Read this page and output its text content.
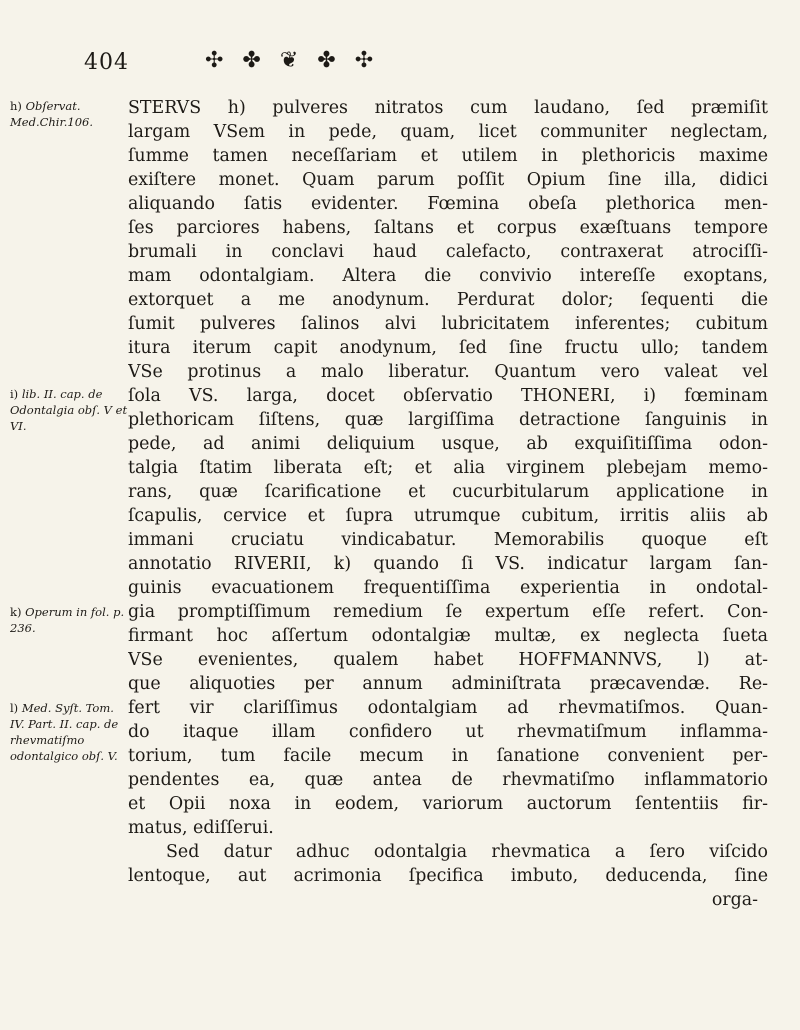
404	✣ ✤ ❦ ✤ ✣
h) Obſervat. Med.Chir.106.
i) lib. II. cap. de Odontalgia obſ. V et VI.
k) Operum in fol. p. 236.
l) Med. Syſt. Tom. IV. Part. II. cap. de rhevmatiſmo odontalgico obſ. V.
STERVS h) pulveres nitratos cum laudano, ſed præmiſit
largam VSem in pede, quam, licet communiter neglectam,
ſumme tamen neceſſariam et utilem in plethoricis maxime
exiſtere monet. Quam parum poſſit Opium ſine illa, didici
aliquando ſatis evidenter. Fœmina obeſa plethorica men-
ſes parciores habens, ſaltans et corpus exæſtuans tempore
brumali in conclavi haud calefacto, contraxerat atrociſſi-
mam odontalgiam. Altera die convivio intereſſe exoptans,
extorquet a me anodynum. Perdurat dolor; ſequenti die
ſumit pulveres ſalinos alvi lubricitatem inferentes; cubitum
itura iterum capit anodynum, ſed ſine fructu ullo; tandem
VSe protinus a malo liberatur. Quantum vero valeat vel
ſola VS. larga, docet obſervatio THONERI, i) fœminam
plethoricam ſiſtens, quæ largiſſima detractione ſanguinis in
pede, ad animi deliquium usque, ab exquiſitiſſima odon-
talgia ſtatim liberata eſt; et alia virginem plebejam memo-
rans, quæ ſcarificatione et cucurbitularum applicatione in
ſcapulis, cervice et ſupra utrumque cubitum, irritis aliis ab
immani cruciatu vindicabatur. Memorabilis quoque eſt
annotatio RIVERII, k) quando ſi VS. indicatur largam ſan-
guinis evacuationem frequentiſſima experientia in ondotal-
gia promptiſſimum remedium ſe expertum eſſe refert. Con-
firmant hoc aſſertum odontalgiæ multæ, ex neglecta ſueta
VSe evenientes, qualem habet HOFFMANNVS, l) at-
que aliquoties per annum adminiſtrata præcavendæ. Re-
fert vir clariſſimus odontalgiam ad rhevmatiſmos. Quan-
do itaque illam confidero ut rhevmatiſmum inflamma-
torium, tum facile mecum in ſanatione convenient per-
pendentes ea, quæ antea de rhevmatiſmo inflammatorio
et Opii noxa in eodem, variorum auctorum ſententiis fir-
matus, ediſſerui.
Sed datur adhuc odontalgia rhevmatica a ſero viſcido
lentoque, aut acrimonia ſpecifica imbuto, deducenda, ſine
orga-
